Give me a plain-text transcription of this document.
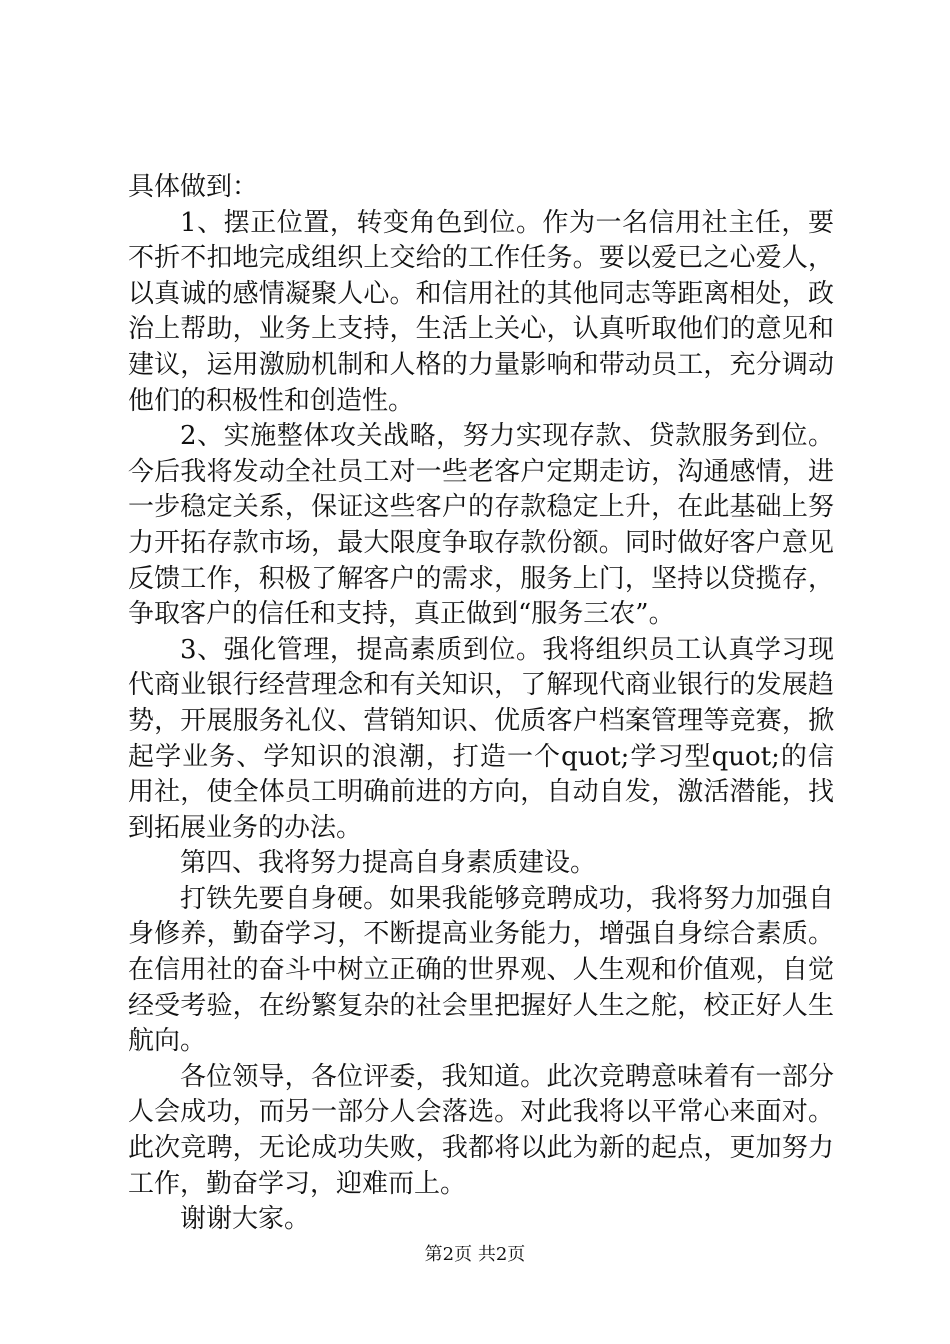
具体做到：

1、摆正位置，转变角色到位。作为一名信用社主任，要不折不扣地完成组织上交给的工作任务。要以爱已之心爱人，以真诚的感情凝聚人心。和信用社的其他同志等距离相处，政治上帮助，业务上支持，生活上关心，认真听取他们的意见和建议，运用激励机制和人格的力量影响和带动员工，充分调动他们的积极性和创造性。

2、实施整体攻关战略，努力实现存款、贷款服务到位。今后我将发动全社员工对一些老客户定期走访，沟通感情，进一步稳定关系，保证这些客户的存款稳定上升，在此基础上努力开拓存款市场，最大限度争取存款份额。同时做好客户意见反馈工作，积极了解客户的需求，服务上门，坚持以贷揽存，争取客户的信任和支持，真正做到“服务三农”。

3、强化管理，提高素质到位。我将组织员工认真学习现代商业银行经营理念和有关知识，了解现代商业银行的发展趋势，开展服务礼仪、营销知识、优质客户档案管理等竞赛，掀起学业务、学知识的浪潮，打造一个quot;学习型quot;的信用社，使全体员工明确前进的方向，自动自发，激活潜能，找到拓展业务的办法。

第四、我将努力提高自身素质建设。

打铁先要自身硬。如果我能够竞聘成功，我将努力加强自身修养，勤奋学习，不断提高业务能力，增强自身综合素质。在信用社的奋斗中树立正确的世界观、人生观和价值观，自觉经受考验，在纷繁复杂的社会里把握好人生之舵，校正好人生航向。

各位领导，各位评委，我知道。此次竞聘意味着有一部分人会成功，而另一部分人会落选。对此我将以平常心来面对。此次竞聘，无论成功失败，我都将以此为新的起点，更加努力工作，勤奋学习，迎难而上。

谢谢大家。

第2页 共2页
